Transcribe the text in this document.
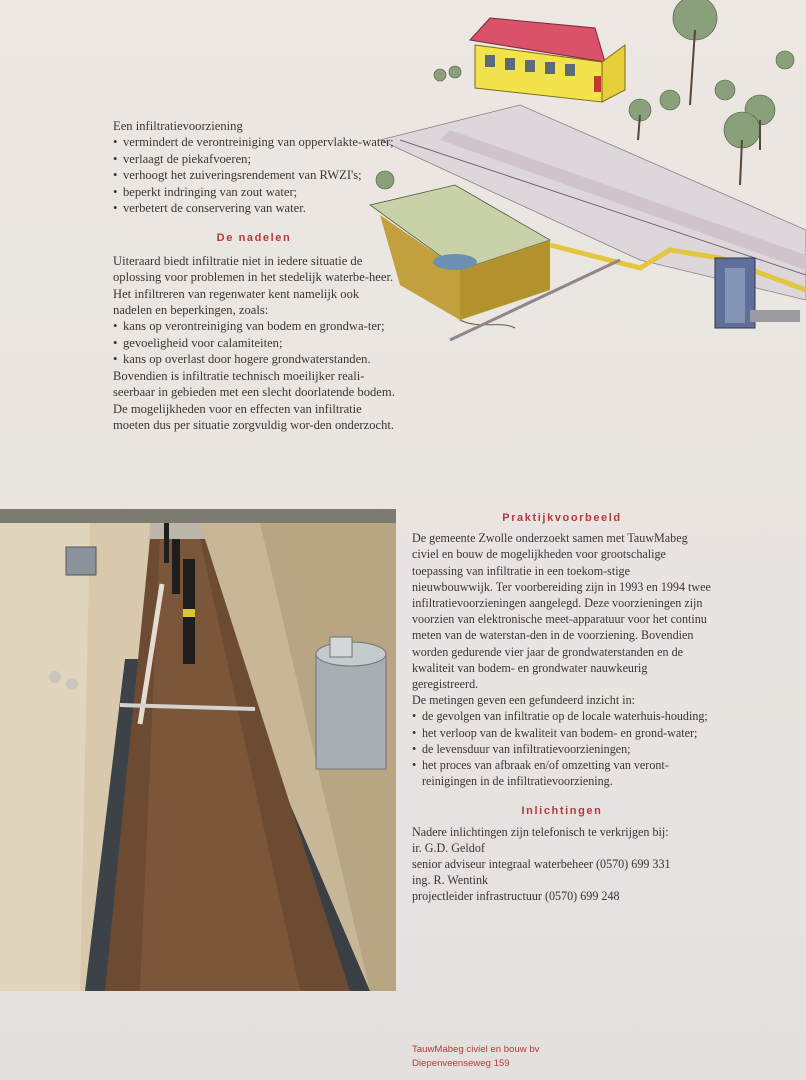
Een infiltratievoorziening

• vermindert de verontreiniging van oppervlakte-water;
• verlaagt de piekafvoeren;
• verhoogt het zuiveringsrendement van RWZI's;
• beperkt indringing van zout water;
• verbetert de conservering van water.
De nadelen

Uiteraard biedt infiltratie niet in iedere situatie de oplossing voor problemen in het stedelijk waterbe-heer. Het infiltreren van regenwater kent namelijk ook nadelen en beperkingen, zoals:

• kans op verontreiniging van bodem en grondwa-ter;
• gevoeligheid voor calamiteiten;
• kans op overlast door hogere grondwaterstanden.

Bovendien is infiltratie technisch moeilijker reali-seerbaar in gebieden met een slecht doorlatende bodem. De mogelijkheden voor en effecten van infiltratie moeten dus per situatie zorgvuldig wor-den onderzocht.

Praktijkvoorbeeld

De gemeente Zwolle onderzoekt samen met TauwMabeg civiel en bouw de mogelijkheden voor grootschalige toepassing van infiltratie in een toekom-stige nieuwbouwwijk. Ter voorbereiding zijn in 1993 en 1994 twee infiltratievoorzieningen aangelegd. Deze voorzieningen zijn voorzien van elektronische meet-apparatuur voor het continu meten van de waterstan-den in de voorziening. Bovendien worden gedurende vier jaar de grondwaterstanden en de kwaliteit van bodem- en grondwater nauwkeurig geregistreerd.

De metingen geven een gefundeerd inzicht in:

• de gevolgen van infiltratie op de locale waterhuis-houding;
• het verloop van de kwaliteit van bodem- en grond-water;
• de levensduur van infiltratievoorzieningen;
• het proces van afbraak en/of omzetting van veront-reinigingen in de infiltratievoorziening.
Inlichtingen

Nadere inlichtingen zijn telefonisch te verkrijgen bij:

ir. G.D. Geldof

senior adviseur integraal waterbeheer (0570) 699 331

ing. R. Wentink

projectleider infrastructuur (0570) 699 248

TauwMabeg civiel en bouw bv

Diepenveenseweg 159
